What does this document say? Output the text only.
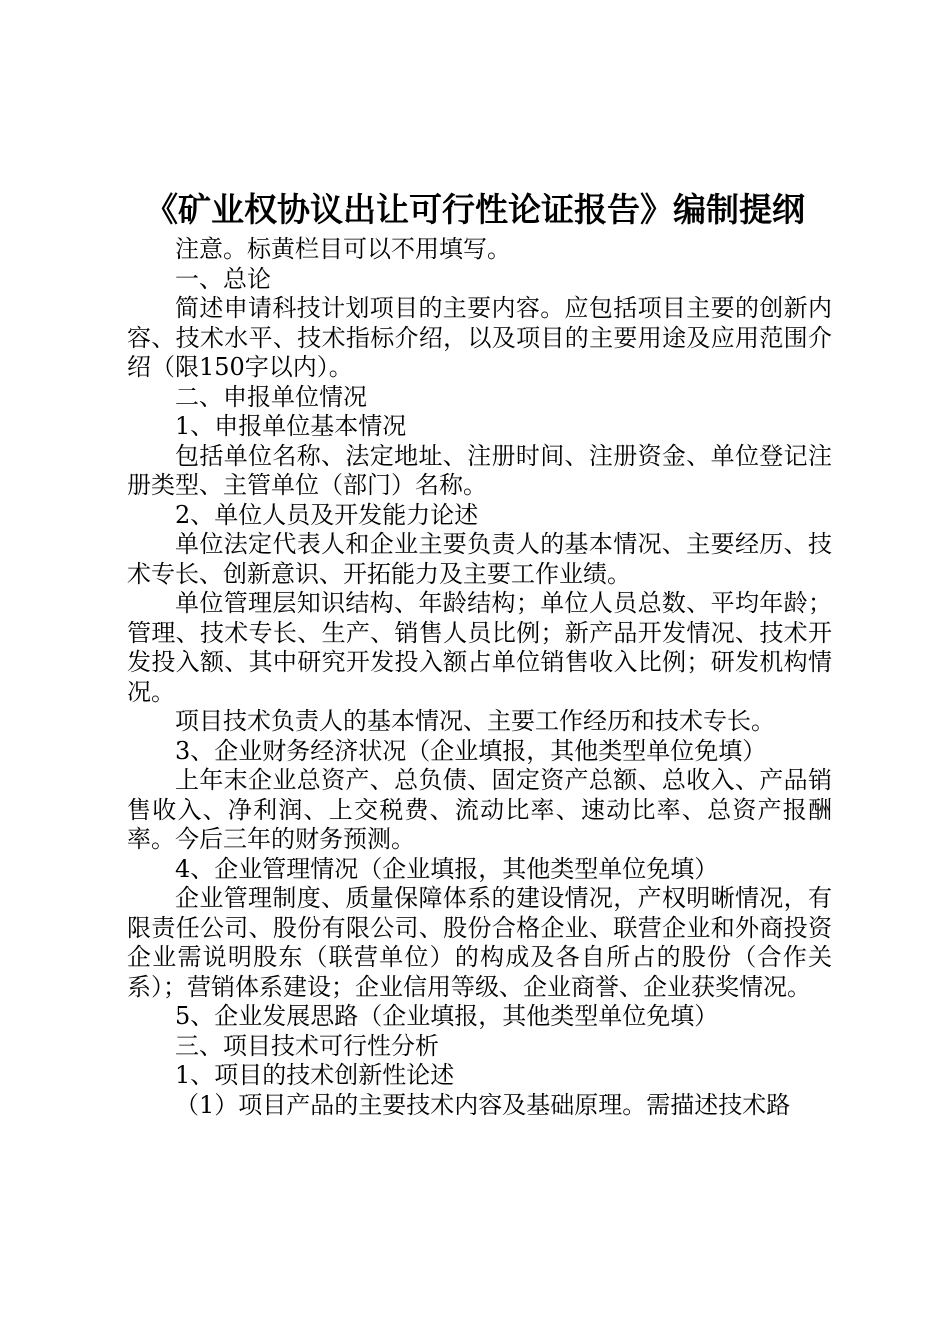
《矿业权协议出让可行性论证报告》编制提纲

注意。标黄栏目可以不用填写。

一、总论

简述申请科技计划项目的主要内容。应包括项目主要的创新内容、技术水平、技术指标介绍，以及项目的主要用途及应用范围介绍（限150字以内）。

二、申报单位情况

1、申报单位基本情况

包括单位名称、法定地址、注册时间、注册资金、单位登记注册类型、主管单位（部门）名称。

2、单位人员及开发能力论述

单位法定代表人和企业主要负责人的基本情况、主要经历、技术专长、创新意识、开拓能力及主要工作业绩。

单位管理层知识结构、年龄结构；单位人员总数、平均年龄；管理、技术专长、生产、销售人员比例；新产品开发情况、技术开发投入额、其中研究开发投入额占单位销售收入比例；研发机构情况。

项目技术负责人的基本情况、主要工作经历和技术专长。

3、企业财务经济状况（企业填报，其他类型单位免填）

上年末企业总资产、总负债、固定资产总额、总收入、产品销售收入、净利润、上交税费、流动比率、速动比率、总资产报酬率。今后三年的财务预测。

4、企业管理情况（企业填报，其他类型单位免填）

企业管理制度、质量保障体系的建设情况，产权明晰情况，有限责任公司、股份有限公司、股份合格企业、联营企业和外商投资企业需说明股东（联营单位）的构成及各自所占的股份（合作关系）；营销体系建设；企业信用等级、企业商誉、企业获奖情况。

5、企业发展思路（企业填报，其他类型单位免填）

三、项目技术可行性分析

1、项目的技术创新性论述

（1）项目产品的主要技术内容及基础原理。需描述技术路
